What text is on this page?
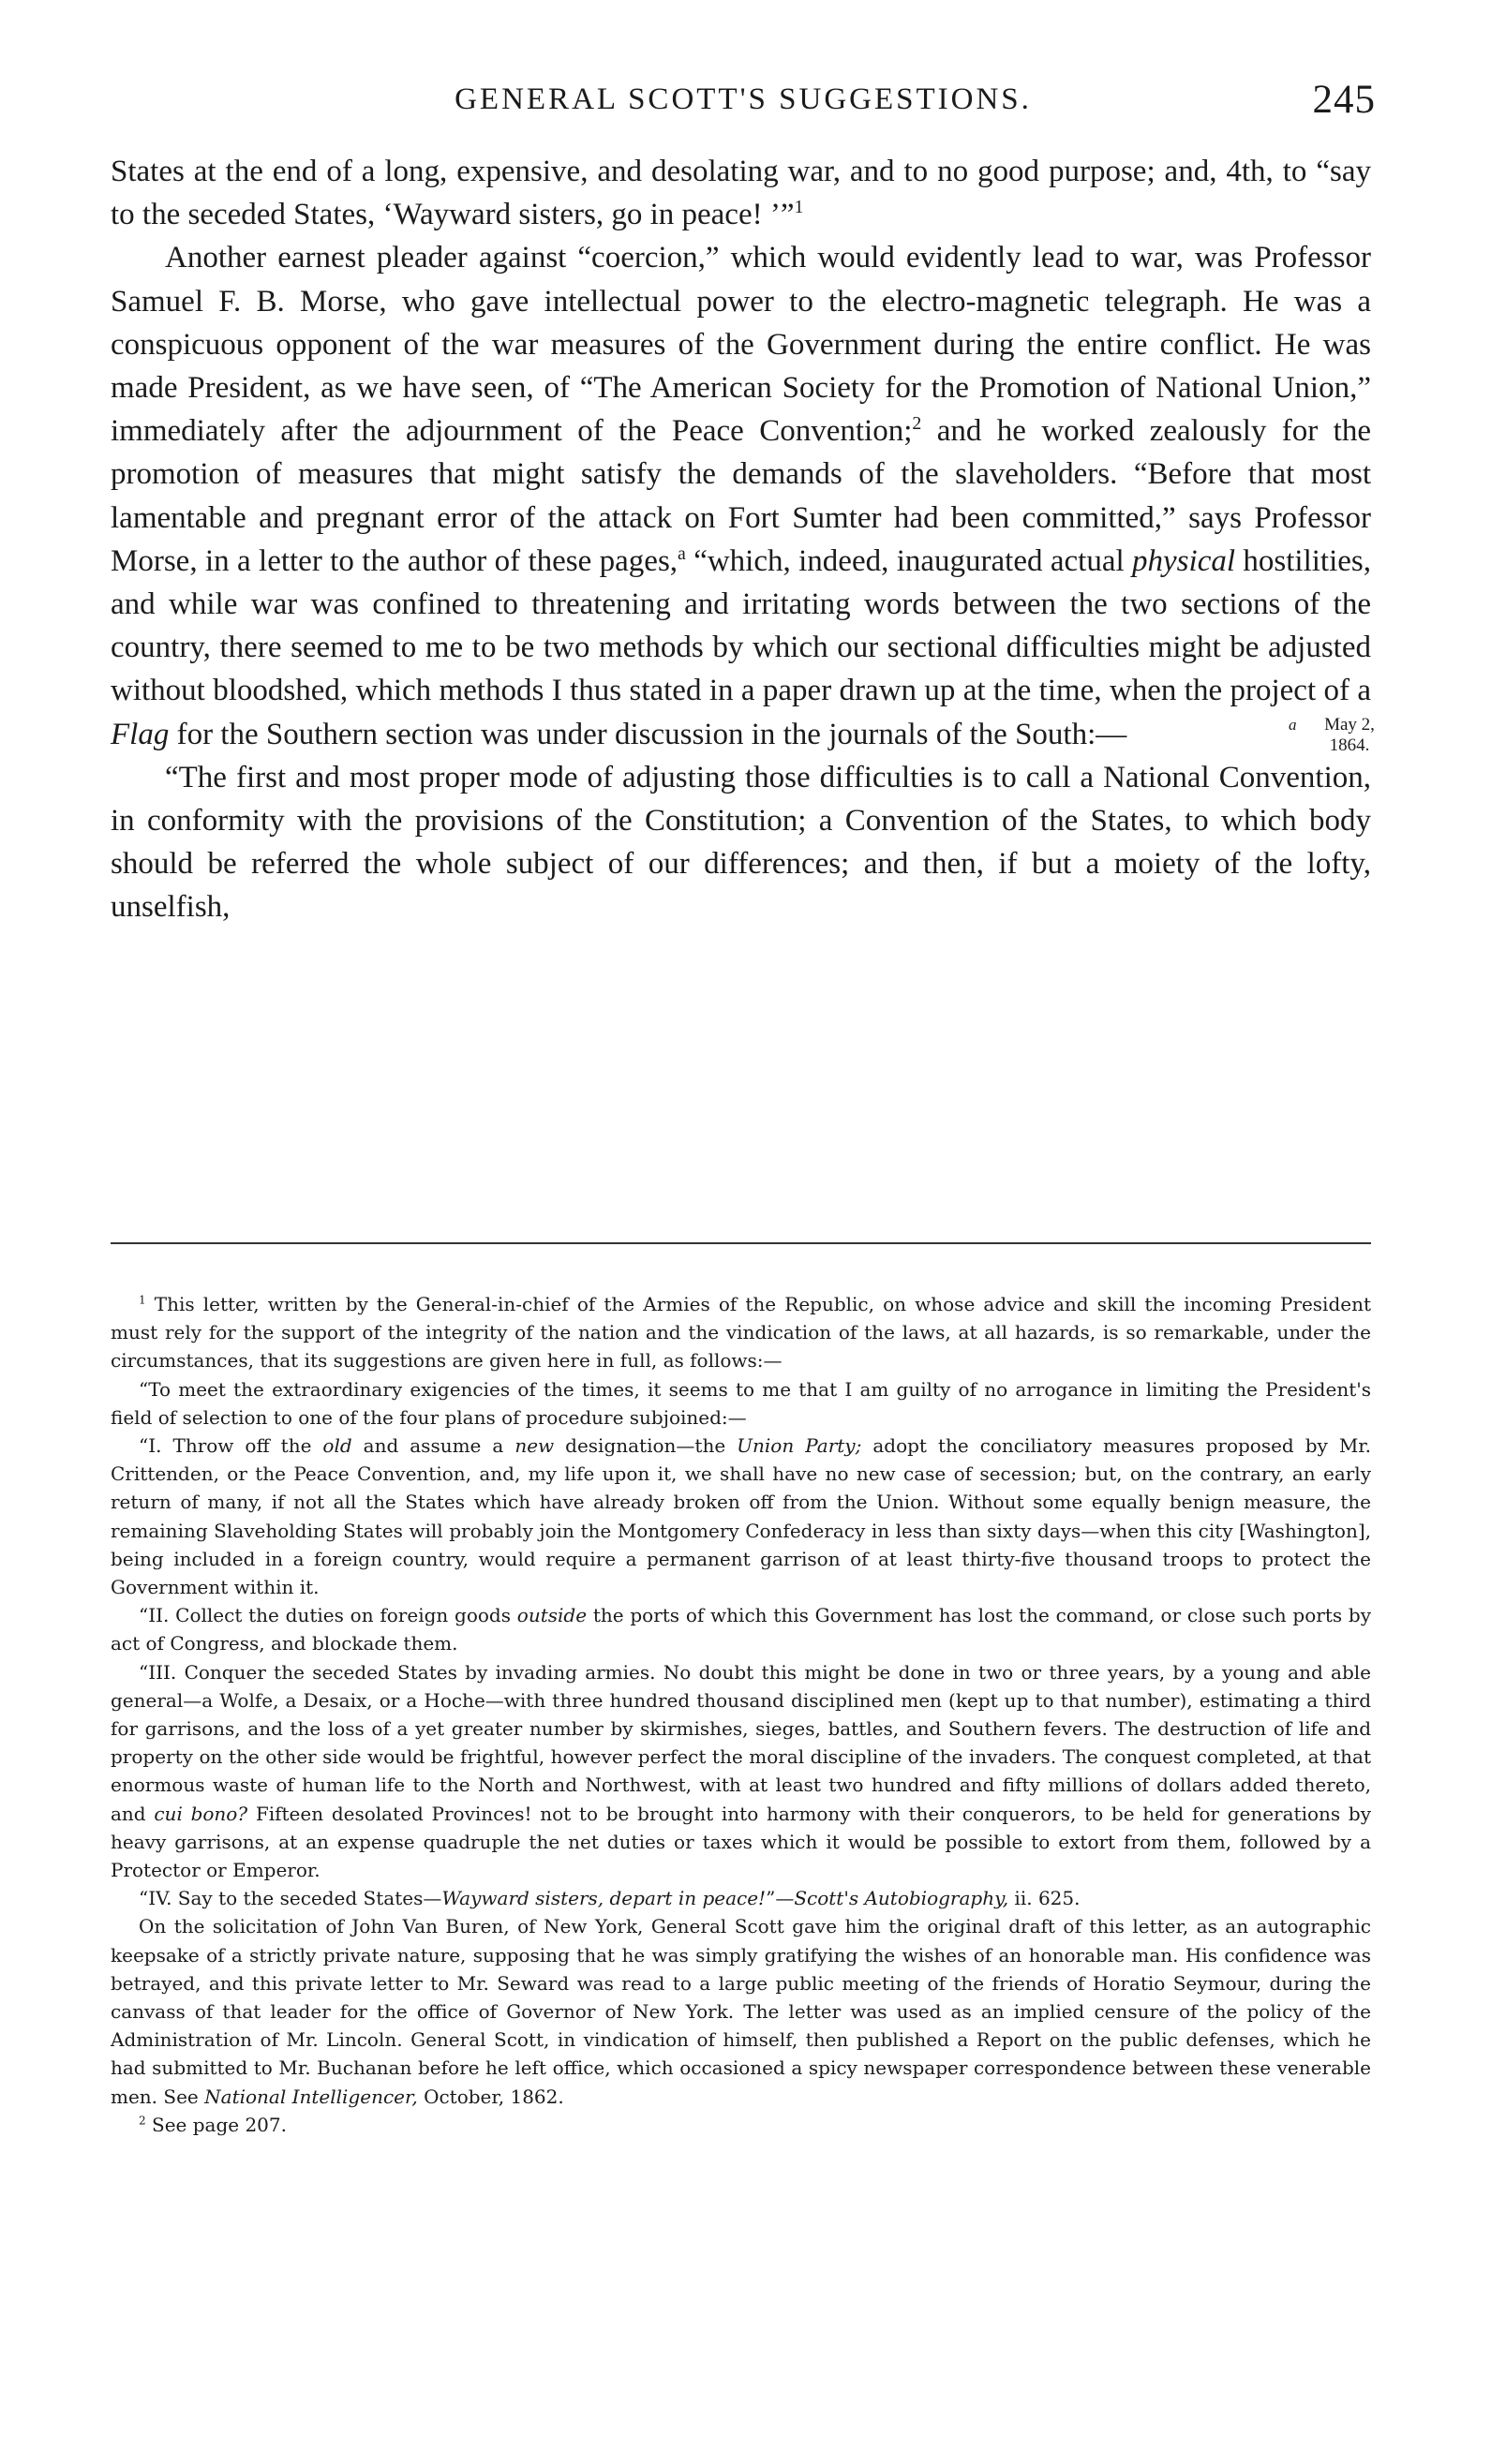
GENERAL SCOTT'S SUGGESTIONS.	245
a	May 2,
1864.

States at the end of a long, expensive, and desolating war, and to no good purpose; and, 4th, to “say to the seceded States, ‘Wayward sisters, go in peace! ’”$^1$

Another earnest pleader against “coercion,” which would evidently lead to war, was Professor Samuel F. B. Morse, who gave intellectual power to the electro-magnetic telegraph. He was a conspicuous opponent of the war measures of the Government during the entire conflict. He was made President, as we have seen, of “The American Society for the Promotion of National Union,” immediately after the adjournment of the Peace Convention;$^2$ and he worked zealously for the promotion of measures that might satisfy the demands of the slaveholders. “Before that most lamentable and pregnant error of the attack on Fort Sumter had been committed,” says Professor Morse, in a letter to the author of these pages,$^a$ “which, indeed, inaugurated actual physical hostilities, and while war was confined to threatening and irritating words between the two sections of the country, there seemed to me to be two methods by which our sectional difficulties might be adjusted without bloodshed, which methods I thus stated in a paper drawn up at the time, when the project of a Flag for the Southern section was under discussion in the journals of the South:—

“The first and most proper mode of adjusting those difficulties is to call a National Convention, in conformity with the provisions of the Constitution; a Convention of the States, to which body should be referred the whole subject of our differences; and then, if but a moiety of the lofty, unselfish,

$^1$ This letter, written by the General-in-chief of the Armies of the Republic, on whose advice and skill the incoming President must rely for the support of the integrity of the nation and the vindication of the laws, at all hazards, is so remarkable, under the circumstances, that its suggestions are given here in full, as follows:—

“To meet the extraordinary exigencies of the times, it seems to me that I am guilty of no arrogance in limiting the President's field of selection to one of the four plans of procedure subjoined:—

“I. Throw off the old and assume a new designation—the Union Party; adopt the conciliatory measures proposed by Mr. Crittenden, or the Peace Convention, and, my life upon it, we shall have no new case of secession; but, on the contrary, an early return of many, if not all the States which have already broken off from the Union. Without some equally benign measure, the remaining Slaveholding States will probably join the Montgomery Confederacy in less than sixty days—when this city [Washington], being included in a foreign country, would require a permanent garrison of at least thirty-five thousand troops to protect the Government within it.

“II. Collect the duties on foreign goods outside the ports of which this Government has lost the command, or close such ports by act of Congress, and blockade them.

“III. Conquer the seceded States by invading armies. No doubt this might be done in two or three years, by a young and able general—a Wolfe, a Desaix, or a Hoche—with three hundred thousand disciplined men (kept up to that number), estimating a third for garrisons, and the loss of a yet greater number by skirmishes, sieges, battles, and Southern fevers. The destruction of life and property on the other side would be frightful, however perfect the moral discipline of the invaders. The conquest completed, at that enormous waste of human life to the North and Northwest, with at least two hundred and fifty millions of dollars added thereto, and cui bono? Fifteen desolated Provinces! not to be brought into harmony with their conquerors, to be held for generations by heavy garrisons, at an expense quadruple the net duties or taxes which it would be possible to extort from them, followed by a Protector or Emperor.

“IV. Say to the seceded States—Wayward sisters, depart in peace!”—Scott's Autobiography, ii. 625.

On the solicitation of John Van Buren, of New York, General Scott gave him the original draft of this letter, as an autographic keepsake of a strictly private nature, supposing that he was simply gratifying the wishes of an honorable man. His confidence was betrayed, and this private letter to Mr. Seward was read to a large public meeting of the friends of Horatio Seymour, during the canvass of that leader for the office of Governor of New York. The letter was used as an implied censure of the policy of the Administration of Mr. Lincoln. General Scott, in vindication of himself, then published a Report on the public defenses, which he had submitted to Mr. Buchanan before he left office, which occasioned a spicy newspaper correspondence between these venerable men. See National Intelligencer, October, 1862.

$^2$ See page 207.
